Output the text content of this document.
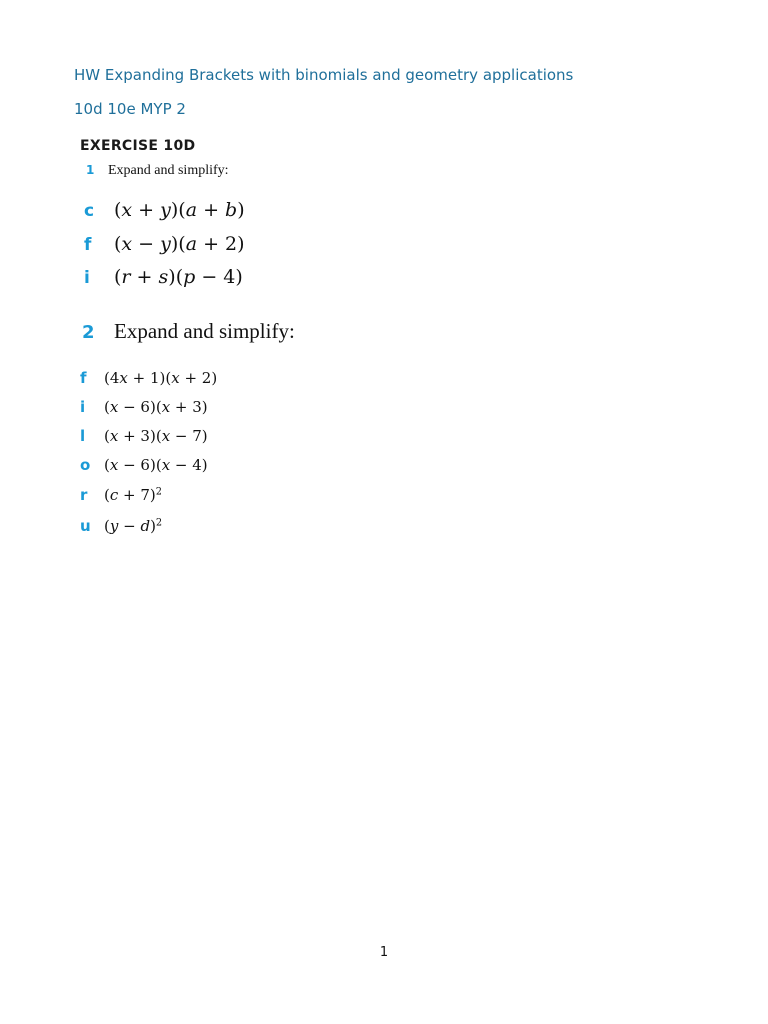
HW Expanding Brackets with binomials and geometry applications
10d 10e MYP 2
EXERCISE 10D
1 Expand and simplify:
c	(x + y)(a + b)
f	(x − y)(a + 2)
i	(r + s)(p − 4)
2 Expand and simplify:
f	(4x + 1)(x + 2)
i	(x − 6)(x + 3)
l	(x + 3)(x − 7)
o (x − 6)(x − 4)
r	$(c + 7)^2$
u $(y - d)^2$
1
